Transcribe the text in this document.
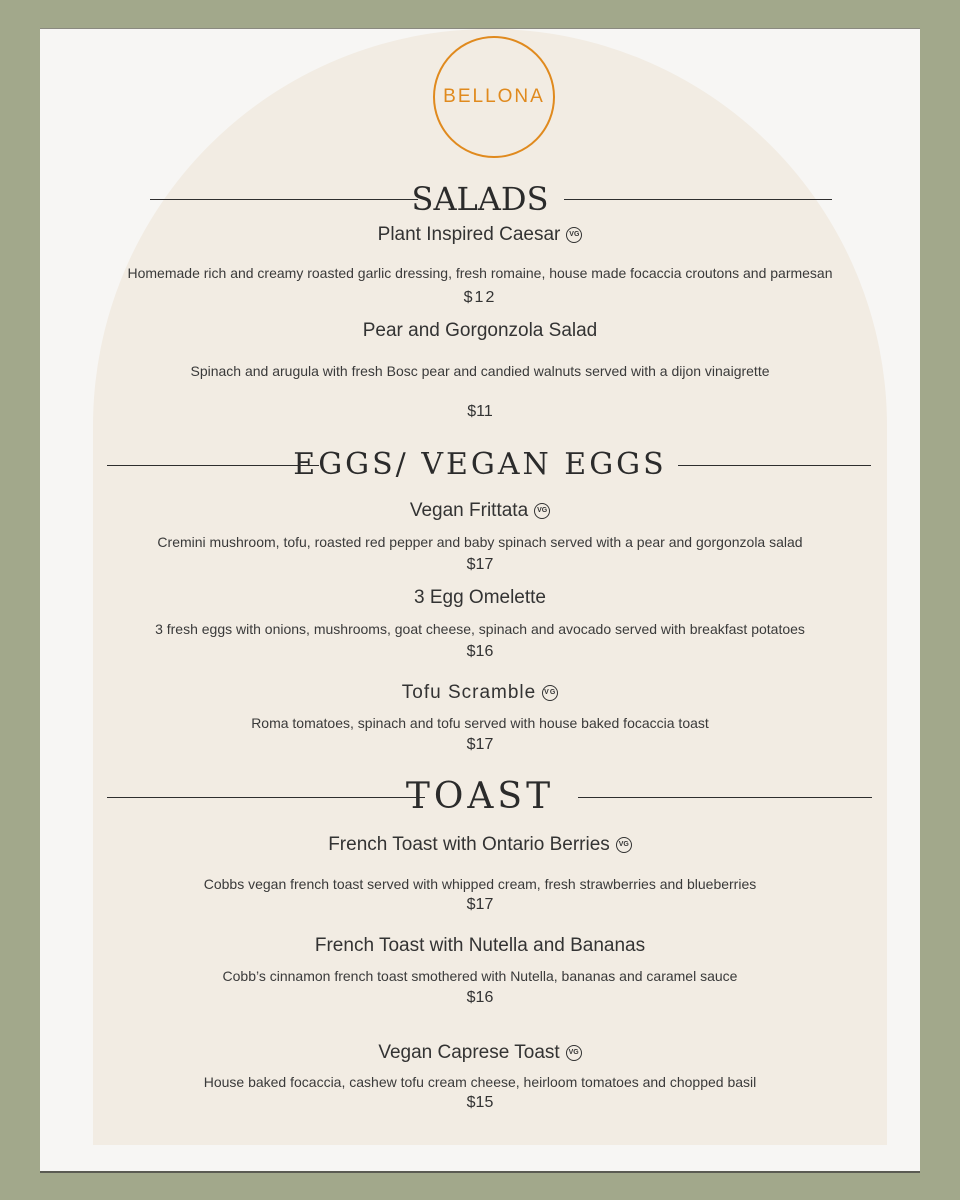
BELLONA
SALADS
Plant Inspired Caesar VG
Homemade rich and creamy roasted garlic dressing, fresh romaine, house made focaccia croutons and parmesan
$12
Pear and Gorgonzola Salad
Spinach and arugula with fresh Bosc pear and candied walnuts served with a dijon vinaigrette
$11
EGGS/ VEGAN EGGS
Vegan Frittata VG
Cremini mushroom, tofu, roasted red pepper and baby spinach served with a pear and gorgonzola salad
$17
3 Egg Omelette
3 fresh eggs with onions, mushrooms, goat cheese, spinach and avocado served with breakfast potatoes
$16
Tofu Scramble VG
Roma tomatoes, spinach and tofu served with house baked focaccia toast
$17
TOAST
French Toast with Ontario Berries VG
Cobbs vegan french toast served with whipped cream, fresh strawberries and blueberries
$17
French Toast with Nutella and Bananas
Cobb’s cinnamon french toast smothered with Nutella, bananas and caramel sauce
$16
Vegan Caprese Toast VG
House baked focaccia, cashew tofu cream cheese, heirloom tomatoes and chopped basil
$15
